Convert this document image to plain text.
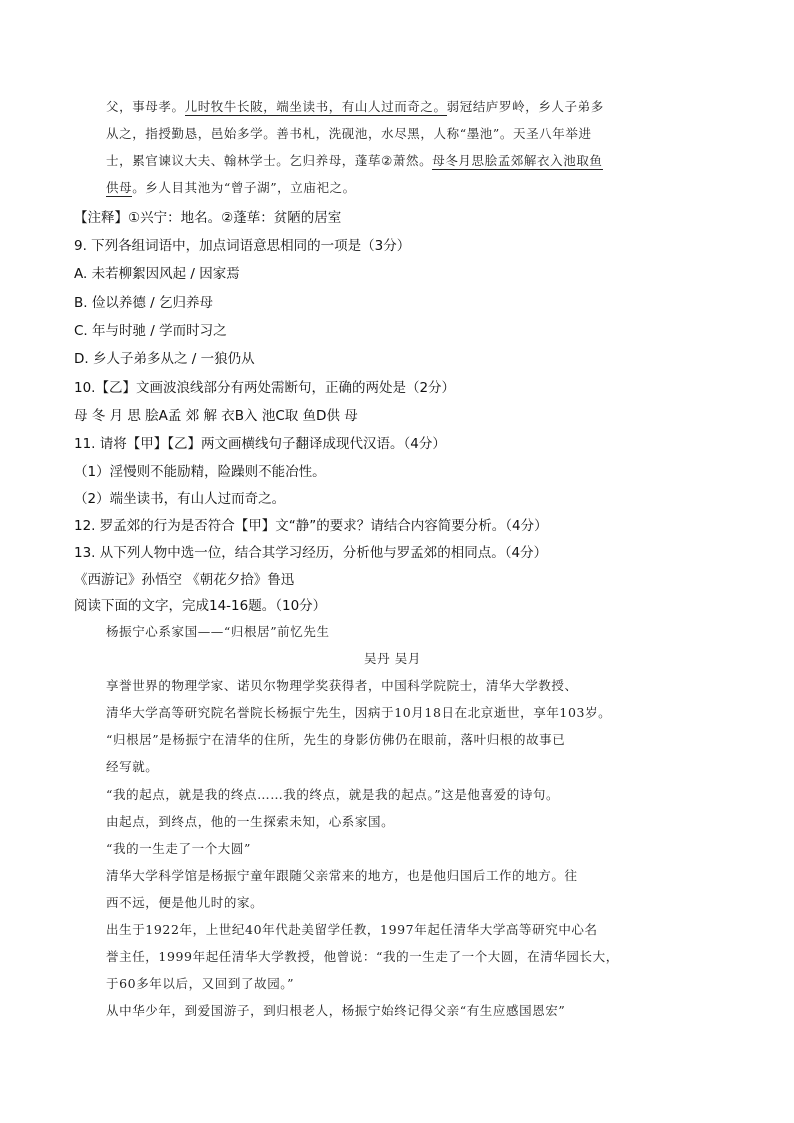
父，事母孝。儿时牧牛长陂，端坐读书，有山人过而奇之。弱冠结庐罗岭，乡人子弟多
从之，指授勤恳，邑始多学。善书札，洗砚池，水尽黑，人称“墨池”。天圣八年举进
士，累官谏议大夫、翰林学士。乞归养母，蓬荜②萧然。母冬月思脍孟郊解衣入池取鱼
供母。乡人目其池为“曾子湖”，立庙祀之。
【注释】①兴宁：地名。②蓬荜：贫陋的居室
9. 下列各组词语中，加点词语意思相同的一项是（3分）
A. 未若柳絮因风起 / 因家焉
B. 俭以养德 / 乞归养母
C. 年与时驰 / 学而时习之
D. 乡人子弟多从之 / 一狼仍从
10.【乙】文画波浪线部分有两处需断句，正确的两处是（2分）
母 冬 月 思 脍A孟 郊 解 衣B入 池C取 鱼D供 母
11. 请将【甲】【乙】两文画横线句子翻译成现代汉语。（4分）
（1）淫慢则不能励精，险躁则不能冶性。
（2）端坐读书，有山人过而奇之。
12. 罗孟郊的行为是否符合【甲】文“静”的要求？请结合内容简要分析。（4分）
13. 从下列人物中选一位，结合其学习经历，分析他与罗孟郊的相同点。（4分）
《西游记》孙悟空 《朝花夕拾》鲁迅
阅读下面的文字，完成14-16题。（10分）
杨振宁心系家国——“归根居”前忆先生
吴丹 吴月
享誉世界的物理学家、诺贝尔物理学奖获得者，中国科学院院士，清华大学教授、
清华大学高等研究院名誉院长杨振宁先生，因病于10月18日在北京逝世，享年103岁。
“归根居”是杨振宁在清华的住所，先生的身影仿佛仍在眼前，落叶归根的故事已
经写就。
“我的起点，就是我的终点……我的终点，就是我的起点。”这是他喜爱的诗句。
由起点，到终点，他的一生探索未知，心系家国。
“我的一生走了一个大圆”
清华大学科学馆是杨振宁童年跟随父亲常来的地方，也是他归国后工作的地方。往
西不远，便是他儿时的家。
出生于1922年，上世纪40年代赴美留学任教，1997年起任清华大学高等研究中心名
誉主任，1999年起任清华大学教授，他曾说：“我的一生走了一个大圆，在清华园长大，
于60多年以后，又回到了故园。”
从中华少年，到爱国游子，到归根老人，杨振宁始终记得父亲“有生应感国恩宏”
